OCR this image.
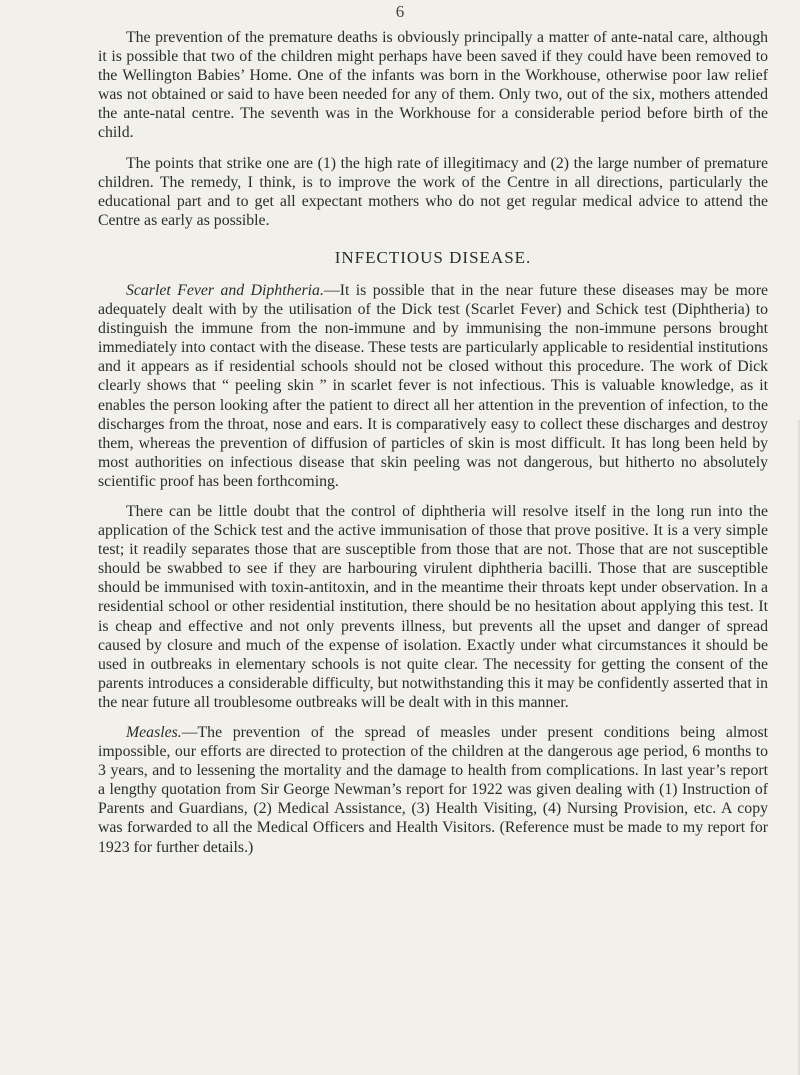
6

The prevention of the premature deaths is obviously principally a matter of ante-natal care, although it is possible that two of the children might perhaps have been saved if they could have been removed to the Wellington Babies’ Home. One of the infants was born in the Workhouse, otherwise poor law relief was not obtained or said to have been needed for any of them. Only two, out of the six, mothers attended the ante-natal centre. The seventh was in the Workhouse for a considerable period before birth of the child.

The points that strike one are (1) the high rate of illegitimacy and (2) the large number of premature children. The remedy, I think, is to improve the work of the Centre in all directions, particularly the educational part and to get all expectant mothers who do not get regular medical advice to attend the Centre as early as possible.

INFECTIOUS DISEASE.

Scarlet Fever and Diphtheria.—It is possible that in the near future these diseases may be more adequately dealt with by the utilisation of the Dick test (Scarlet Fever) and Schick test (Diphtheria) to distinguish the immune from the non-immune and by immunising the non-immune persons brought immediately into contact with the disease. These tests are particularly applicable to residential institutions and it appears as if residential schools should not be closed without this procedure. The work of Dick clearly shows that “ peeling skin ” in scarlet fever is not infectious. This is valuable knowledge, as it enables the person looking after the patient to direct all her attention in the prevention of infection, to the discharges from the throat, nose and ears. It is comparatively easy to collect these discharges and destroy them, whereas the prevention of diffusion of particles of skin is most difficult. It has long been held by most authorities on infectious disease that skin peeling was not dangerous, but hitherto no absolutely scientific proof has been forthcoming.

There can be little doubt that the control of diphtheria will resolve itself in the long run into the application of the Schick test and the active immunisation of those that prove positive. It is a very simple test; it readily separates those that are susceptible from those that are not. Those that are not susceptible should be swabbed to see if they are harbouring virulent diphtheria bacilli. Those that are susceptible should be immunised with toxin-antitoxin, and in the meantime their throats kept under observation. In a residential school or other residential institution, there should be no hesitation about applying this test. It is cheap and effective and not only prevents illness, but prevents all the upset and danger of spread caused by closure and much of the expense of isolation. Exactly under what circumstances it should be used in outbreaks in elementary schools is not quite clear. The necessity for getting the consent of the parents introduces a considerable difficulty, but notwithstanding this it may be confidently asserted that in the near future all troublesome outbreaks will be dealt with in this manner.

Measles.—The prevention of the spread of measles under present conditions being almost impossible, our efforts are directed to protection of the children at the dangerous age period, 6 months to 3 years, and to lessening the mortality and the damage to health from complications. In last year’s report a lengthy quotation from Sir George Newman’s report for 1922 was given dealing with (1) Instruction of Parents and Guardians, (2) Medical Assistance, (3) Health Visiting, (4) Nursing Provision, etc. A copy was forwarded to all the Medical Officers and Health Visitors. (Reference must be made to my report for 1923 for further details.)
